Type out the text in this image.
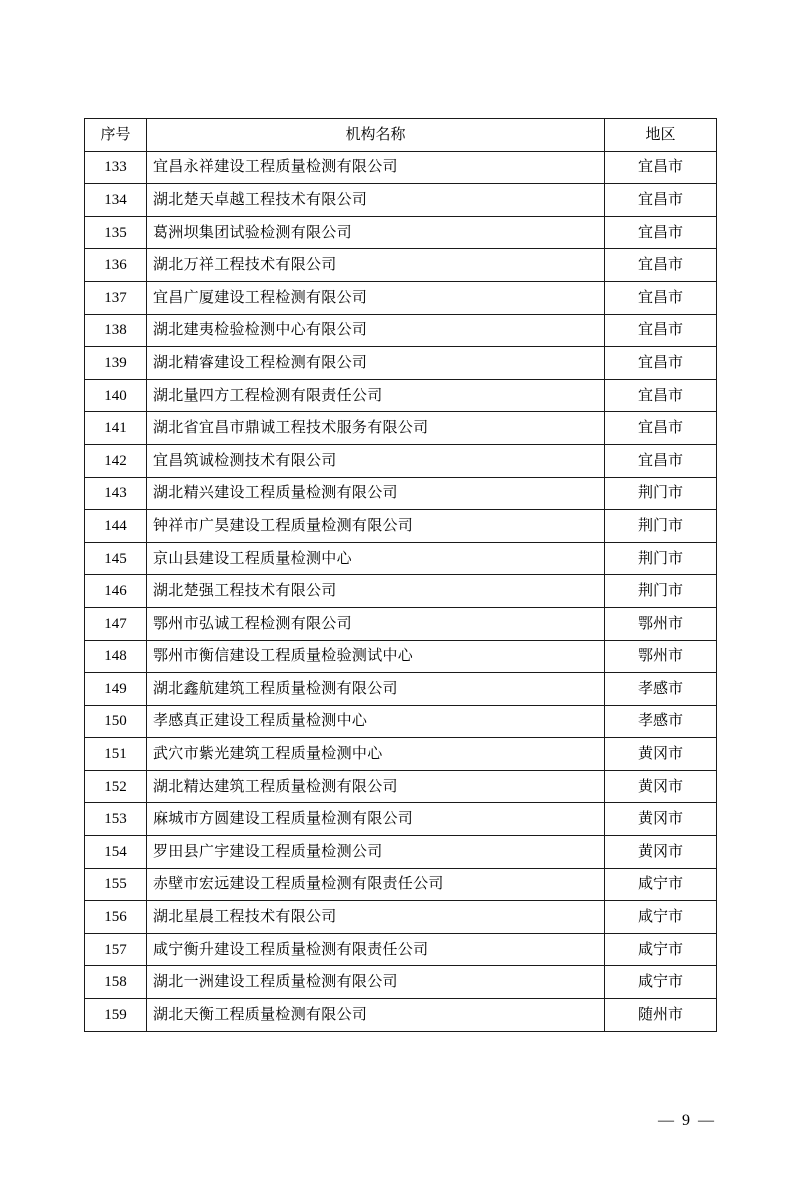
序号	机构名称	地区
133	宜昌永祥建设工程质量检测有限公司	宜昌市
134	湖北楚天卓越工程技术有限公司	宜昌市
135	葛洲坝集团试验检测有限公司	宜昌市
136	湖北万祥工程技术有限公司	宜昌市
137	宜昌广厦建设工程检测有限公司	宜昌市
138	湖北建夷检验检测中心有限公司	宜昌市
139	湖北精睿建设工程检测有限公司	宜昌市
140	湖北量四方工程检测有限责任公司	宜昌市
141	湖北省宜昌市鼎诚工程技术服务有限公司	宜昌市
142	宜昌筑诚检测技术有限公司	宜昌市
143	湖北精兴建设工程质量检测有限公司	荆门市
144	钟祥市广昊建设工程质量检测有限公司	荆门市
145	京山县建设工程质量检测中心	荆门市
146	湖北楚强工程技术有限公司	荆门市
147	鄂州市弘诚工程检测有限公司	鄂州市
148	鄂州市衡信建设工程质量检验测试中心	鄂州市
149	湖北鑫航建筑工程质量检测有限公司	孝感市
150	孝感真正建设工程质量检测中心	孝感市
151	武穴市紫光建筑工程质量检测中心	黄冈市
152	湖北精达建筑工程质量检测有限公司	黄冈市
153	麻城市方圆建设工程质量检测有限公司	黄冈市
154	罗田县广宇建设工程质量检测公司	黄冈市
155	赤壁市宏远建设工程质量检测有限责任公司	咸宁市
156	湖北星晨工程技术有限公司	咸宁市
157	咸宁衡升建设工程质量检测有限责任公司	咸宁市
158	湖北一洲建设工程质量检测有限公司	咸宁市
159	湖北天衡工程质量检测有限公司	随州市
— 9 —
